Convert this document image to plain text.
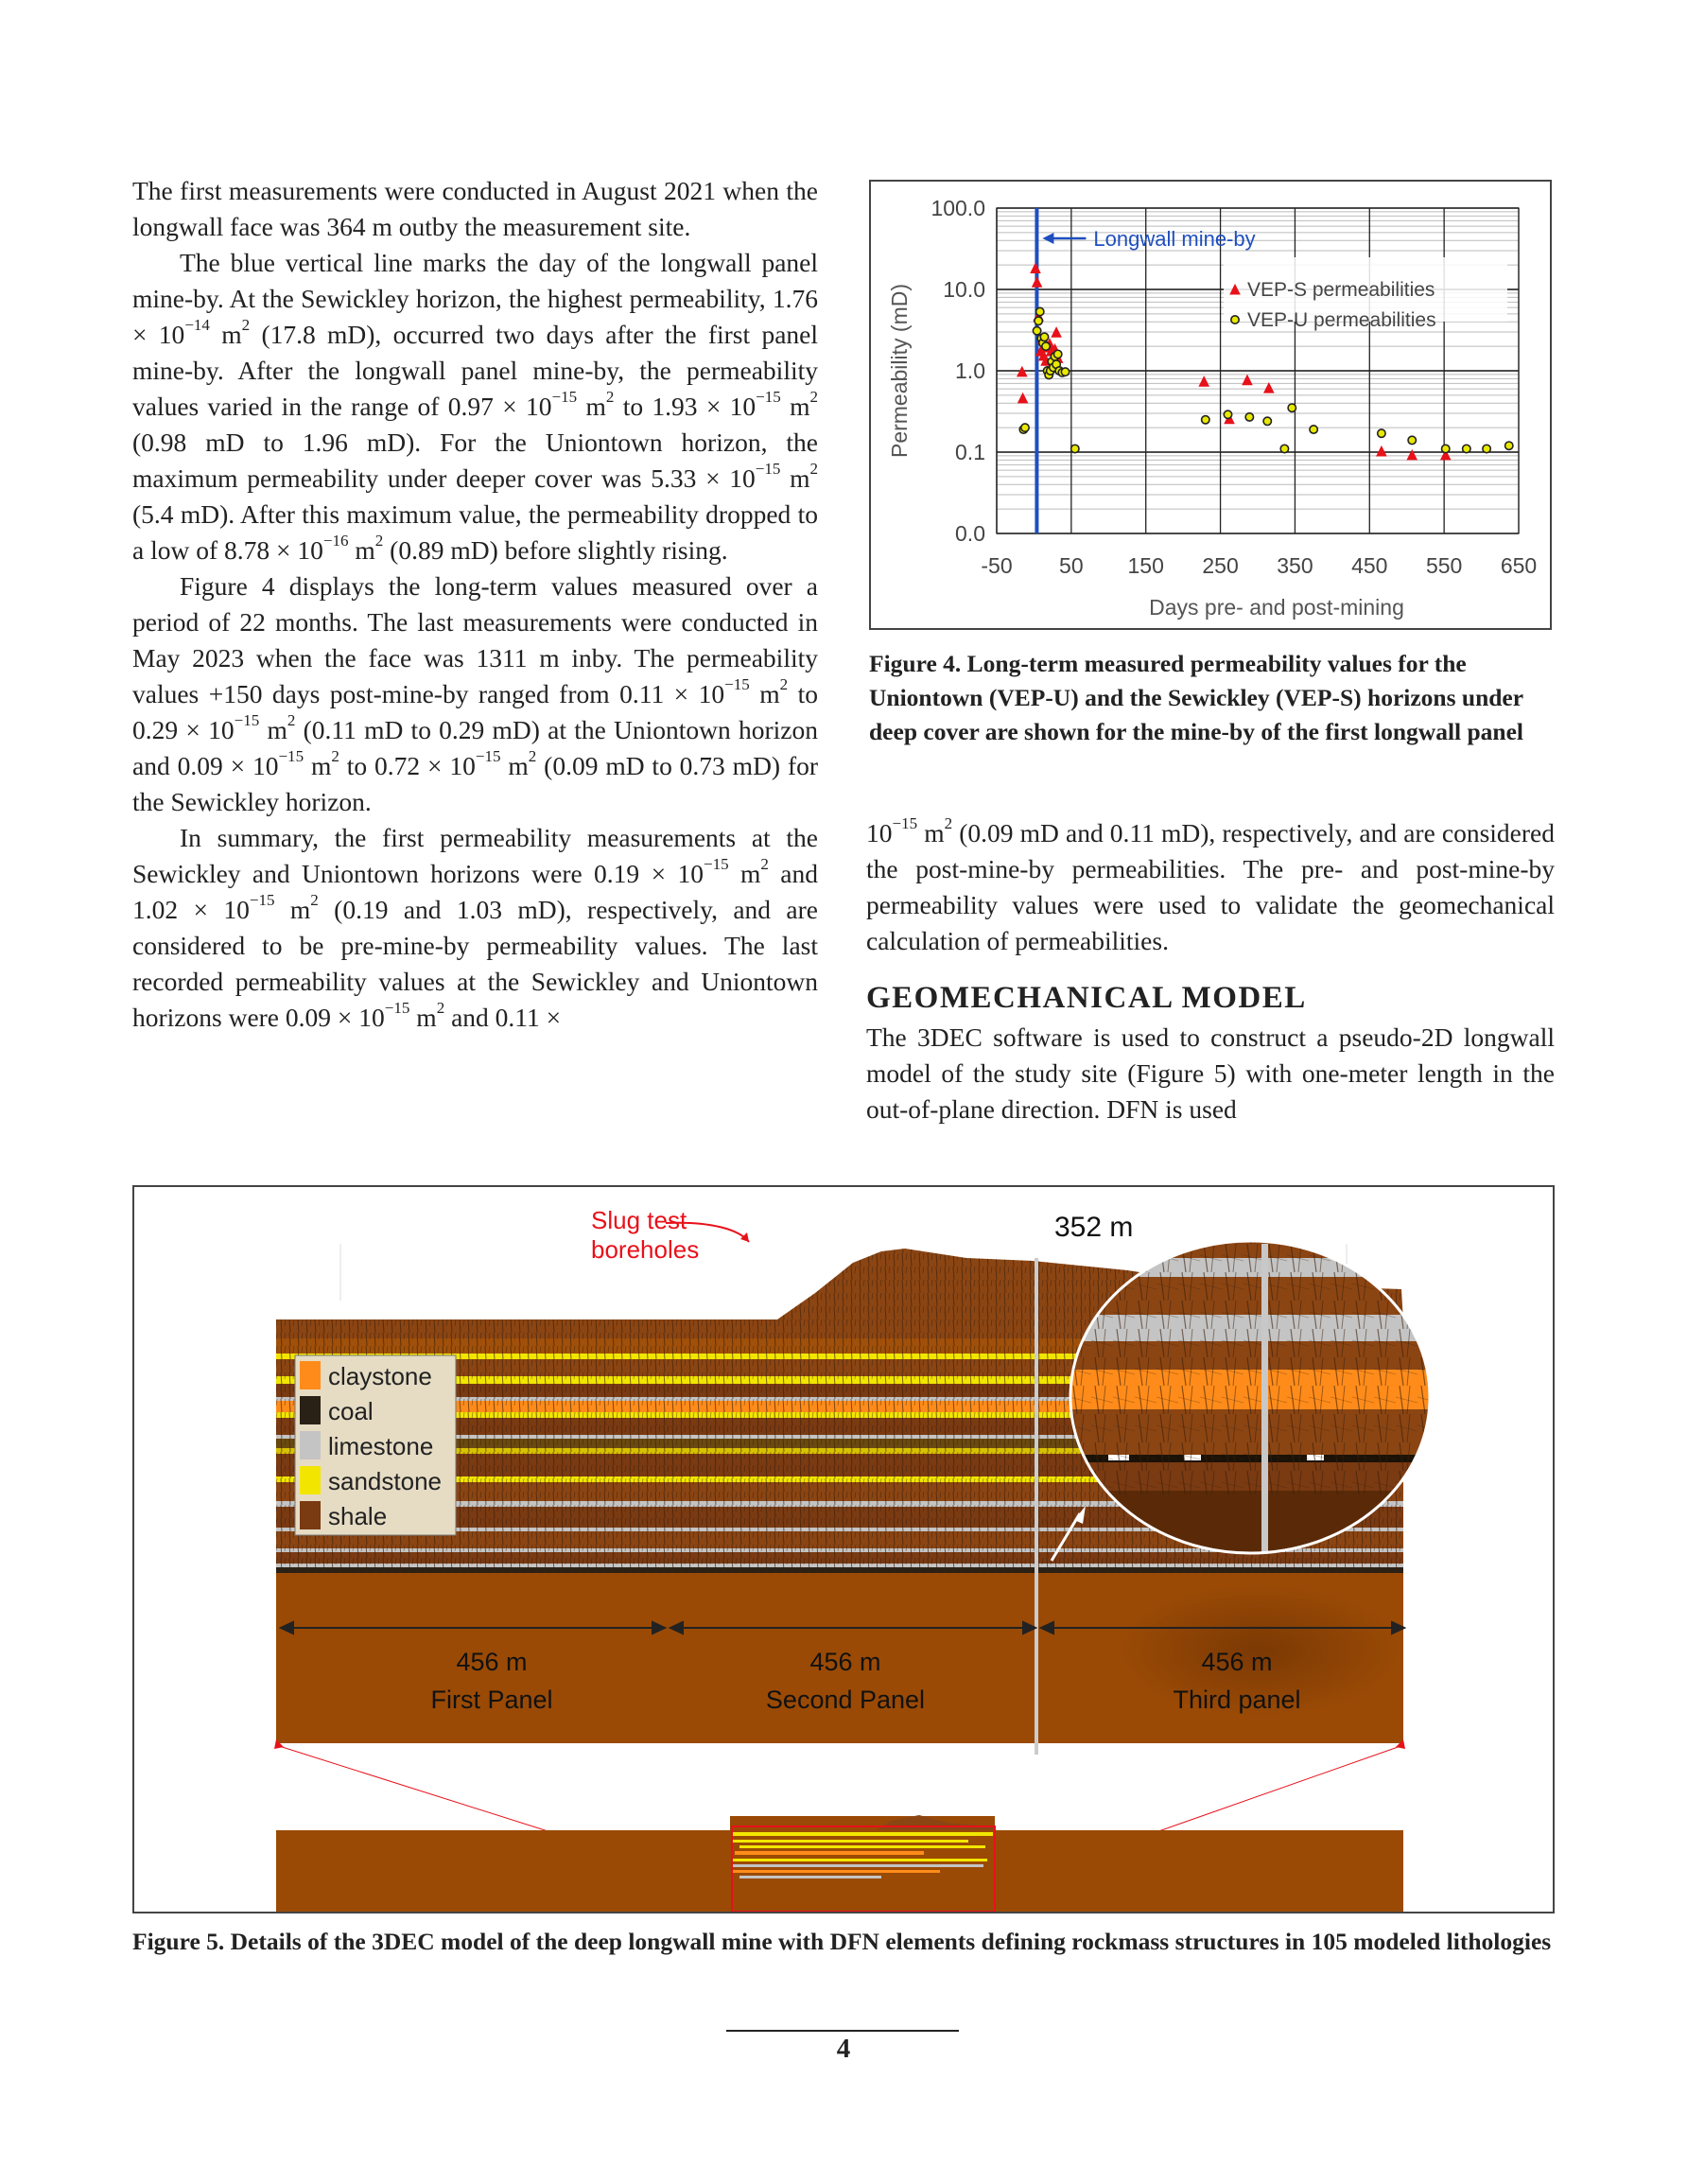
The first measurements were conducted in August 2021 when the longwall face was 364 m outby the measurement site.

The blue vertical line marks the day of the longwall panel mine-by. At the Sewickley horizon, the highest permeability, $1.76 \times 10^{-14}$ $m^2$ (17.8 mD), occurred two days after the first panel mine-by. After the longwall panel mine-by, the permeability values varied in the range of $0.97 \times 10^{-15}$ $m^2$ to $1.93 \times 10^{-15}$ $m^2$ (0.98 mD to 1.96 mD). For the Uniontown horizon, the maximum permeability under deeper cover was $5.33 \times 10^{-15}$ $m^2$ (5.4 mD). After this maximum value, the permeability dropped to a low of $8.78 \times 10^{-16}$ $m^2$ (0.89 mD) before slightly rising.

Figure 4 displays the long-term values measured over a period of 22 months. The last measurements were conducted in May 2023 when the face was 1311 m inby. The permeability values +150 days post-mine-by ranged from $0.11 \times 10^{-15}$ $m^2$ to $0.29 \times 10^{-15}$ $m^2$ (0.11 mD to 0.29 mD) at the Uniontown horizon and $0.09 \times 10^{-15}$ $m^2$ to $0.72 \times 10^{-15}$ $m^2$ (0.09 mD to 0.73 mD) for the Sewickley horizon.

In summary, the first permeability measurements at the Sewickley and Uniontown horizons were $0.19 \times 10^{-15}$ $m^2$ and $1.02 \times 10^{-15}$ $m^2$ (0.19 and 1.03 mD), respectively, and are considered to be pre-mine-by permeability values. The last recorded permeability values at the Sewickley and Uniontown horizons were $0.09 \times 10^{-15}$ $m^2$ and 0.11 ×

100.0
10.0
1.0
0.1
0.0
-50 50 150 250 350 450 550 650
Longwall mine-by
VEP-S permeabilities
VEP-U permeabilities
Permeability (mD)
Days pre- and post-mining
Figure 4. Long-term measured permeability values for the Uniontown (VEP-U) and the Sewickley (VEP-S) horizons under deep cover are shown for the mine-by of the first longwall panel

$10^{-15}$ $m^2$ (0.09 mD and 0.11 mD), respectively, and are considered the post-mine-by permeabilities. The pre- and post-mine-by permeability values were used to validate the geomechanical calculation of permeabilities.

GEOMECHANICAL MODEL

The 3DEC software is used to construct a pseudo-2D longwall model of the study site (Figure 5) with one-meter length in the out-of-plane direction. DFN is used

claystone
coal
limestone
sandstone
shale
Slug test
boreholes
352 m
456 m
First Panel
456 m
Second Panel
456 m
Third panel
Figure 5. Details of the 3DEC model of the deep longwall mine with DFN elements defining rockmass structures in 105 modeled lithologies
4
